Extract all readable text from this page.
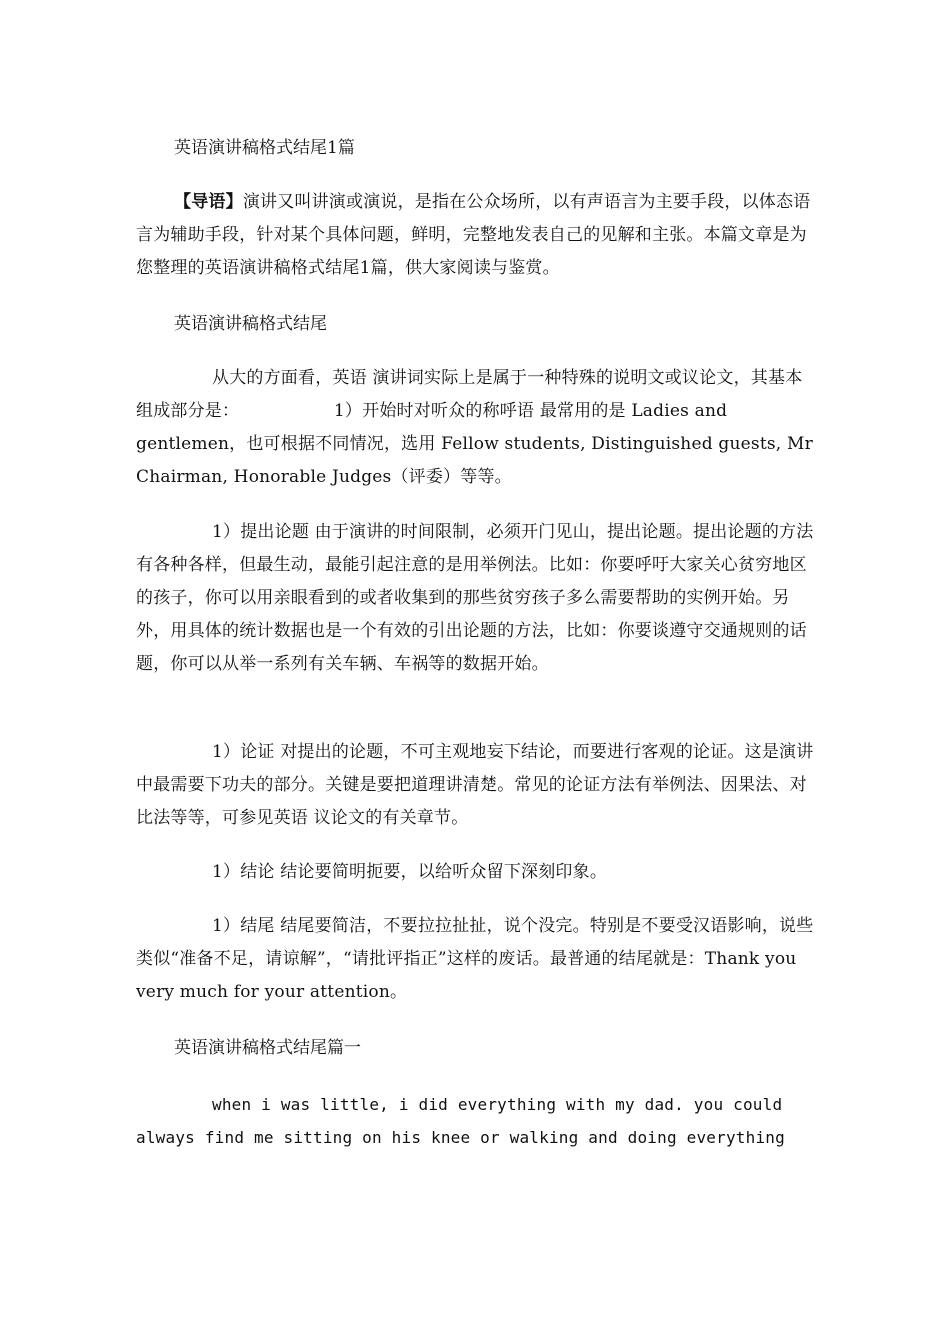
英语演讲稿格式结尾1篇

【导语】演讲又叫讲演或演说，是指在公众场所，以有声语言为主要手段，以体态语言为辅助手段，针对某个具体问题，鲜明，完整地发表自己的见解和主张。本篇文章是为您整理的英语演讲稿格式结尾1篇，供大家阅读与鉴赏。

英语演讲稿格式结尾

从大的方面看，英语 演讲词实际上是属于一种特殊的说明文或议论文，其基本组成部分是：　　　　　　1）开始时对听众的称呼语 最常用的是 Ladies and gentlemen，也可根据不同情况，选用 Fellow students, Distinguished guests, Mr Chairman, Honorable Judges（评委）等等。

1）提出论题 由于演讲的时间限制，必须开门见山，提出论题。提出论题的方法有各种各样，但最生动，最能引起注意的是用举例法。比如：你要呼吁大家关心贫穷地区的孩子，你可以用亲眼看到的或者收集到的那些贫穷孩子多么需要帮助的实例开始。另外，用具体的统计数据也是一个有效的引出论题的方法，比如：你要谈遵守交通规则的话题，你可以从举一系列有关车辆、车祸等的数据开始。

1）论证 对提出的论题，不可主观地妄下结论，而要进行客观的论证。这是演讲中最需要下功夫的部分。关键是要把道理讲清楚。常见的论证方法有举例法、因果法、对比法等等，可参见英语 议论文的有关章节。

1）结论 结论要简明扼要，以给听众留下深刻印象。

1）结尾 结尾要简洁，不要拉拉扯扯，说个没完。特别是不要受汉语影响，说些类似“准备不足，请谅解”，“请批评指正”这样的废话。最普通的结尾就是：Thank you very much for your attention。

英语演讲稿格式结尾篇一

when i was little, i did everything with my dad. you could always find me sitting on his knee or walking and doing everything
